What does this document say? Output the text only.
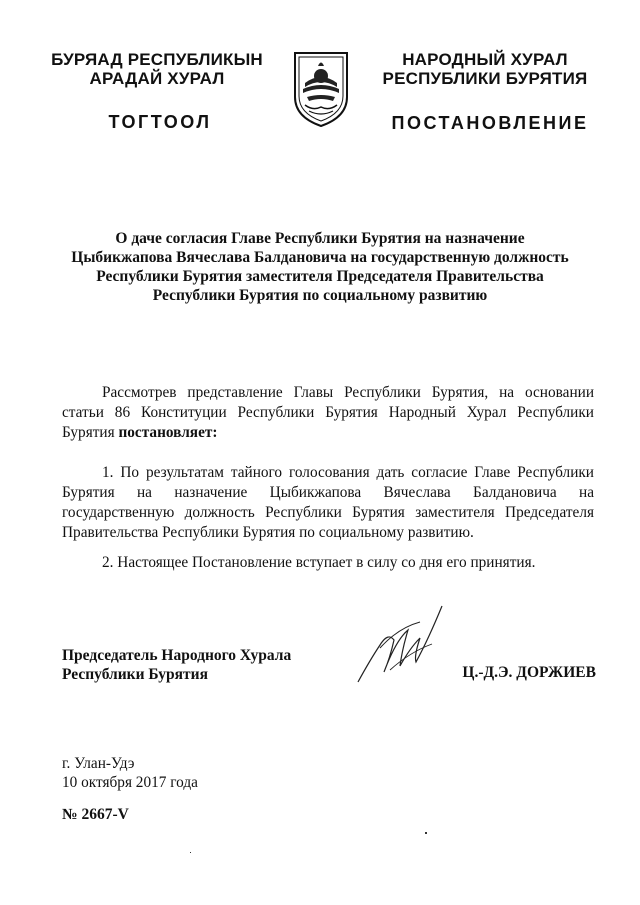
БУРЯАД РЕСПУБЛИКЫН
АРАДАЙ ХУРАЛ
ТОГТООЛ
НАРОДНЫЙ ХУРАЛ
РЕСПУБЛИКИ БУРЯТИЯ
ПОСТАНОВЛЕНИЕ
О даче согласия Главе Республики Бурятия на назначение
Цыбикжапова Вячеслава Балдановича на государственную должность
Республики Бурятия заместителя Председателя Правительства
Республики Бурятия по социальному развитию
Рассмотрев представление Главы Республики Бурятия, на основании статьи 86 Конституции Республики Бурятия Народный Хурал Республики Бурятия постановляет:
1. По результатам тайного голосования дать согласие Главе Республики Бурятия на назначение Цыбикжапова Вячеслава Балдановича на государственную должность Республики Бурятия заместителя Председателя Правительства Республики Бурятия по социальному развитию.
2. Настоящее Постановление вступает в силу со дня его принятия.
Председатель Народного Хурала
Республики Бурятия	Ц.-Д.Э. ДОРЖИЕВ
г. Улан-Удэ
10 октября 2017 года
№ 2667-V
